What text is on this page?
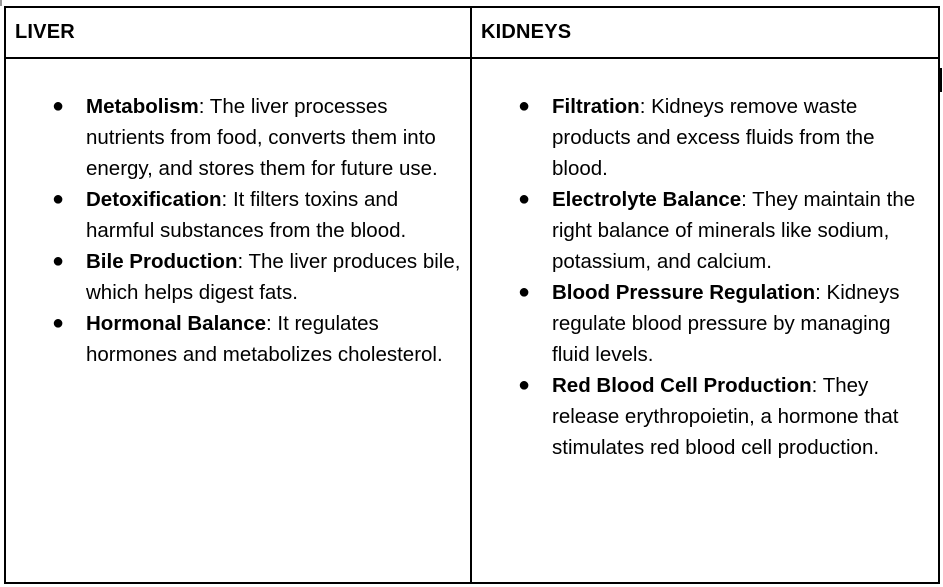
LIVER	KIDNEYS
● Metabolism: The liver processes nutrients from food, converts them into energy, and stores them for future use.
● Detoxification: It filters toxins and harmful substances from the blood.
● Bile Production: The liver produces bile, which helps digest fats.
● Hormonal Balance: It regulates hormones and metabolizes cholesterol.
● Filtration: Kidneys remove waste products and excess fluids from the blood.
● Electrolyte Balance: They maintain the right balance of minerals like sodium, potassium, and calcium.
● Blood Pressure Regulation: Kidneys regulate blood pressure by managing fluid levels.
● Red Blood Cell Production: They release erythropoietin, a hormone that stimulates red blood cell production.
